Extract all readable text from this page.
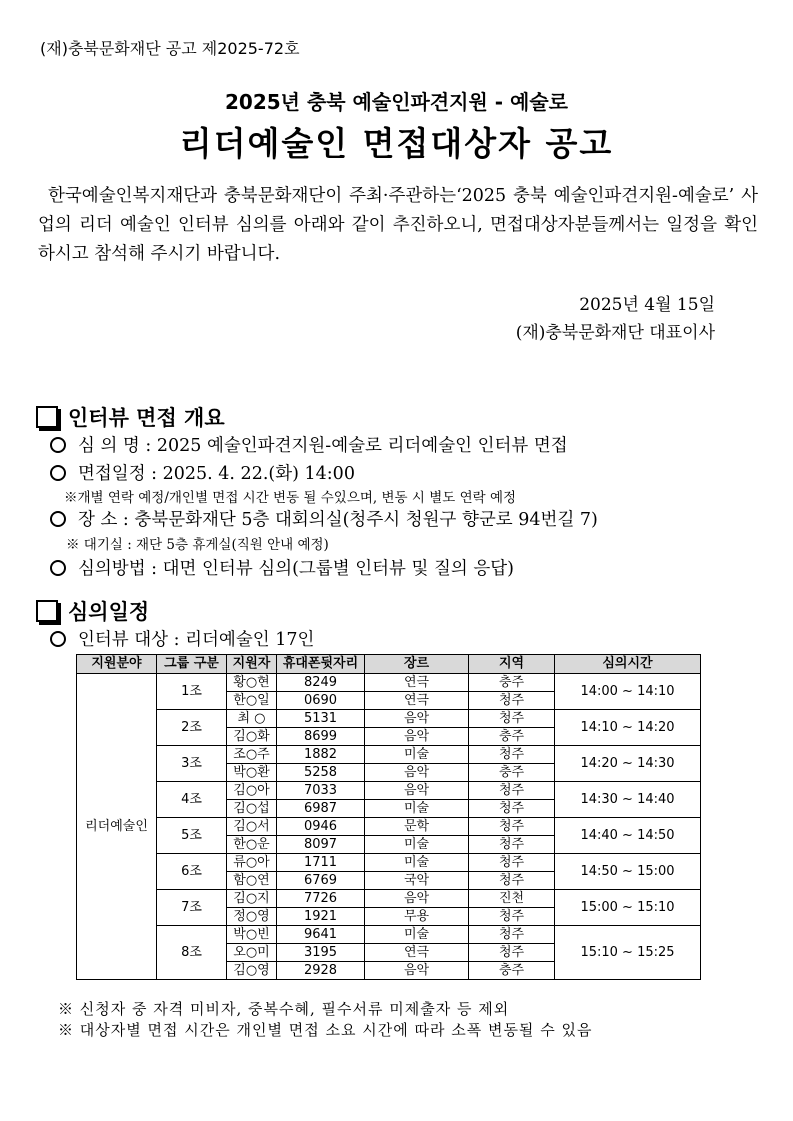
(재)충북문화재단 공고 제2025-72호
2025년 충북 예술인파견지원 - 예술로
리더예술인 면접대상자 공고
한국예술인복지재단과 충북문화재단이 주최·주관하는‘2025 충북 예술인파견지원-예술로’ 사업의 리더 예술인 인터뷰 심의를 아래와 같이 추진하오니, 면접대상자분들께서는 일정을 확인하시고 참석해 주시기 바랍니다.
2025년 4월 15일
(재)충북문화재단 대표이사
인터뷰 면접 개요
심 의 명 : 2025 예술인파견지원-예술로 리더예술인 인터뷰 면접
면접일정 : 2025. 4. 22.(화) 14:00
※개별 연락 예정/개인별 면접 시간 변동 될 수있으며, 변동 시 별도 연락 예정
장 소 : 충북문화재단 5층 대회의실(청주시 청원구 향군로 94번길 7)
※ 대기실 : 재단 5층 휴게실(직원 안내 예정)
심의방법 : 대면 인터뷰 심의(그룹별 인터뷰 및 질의 응답)
심의일정
인터뷰 대상 : 리더예술인 17인
지원분야	그룹 구분	지원자	휴대폰뒷자리	장르	지역	심의시간
리더예술인	1조	황○현	8249	연극	충주	14:00 ~ 14:10
		한○일	0690	연극	청주	
	2조	최 ○	5131	음악	청주	14:10 ~ 14:20
		김○화	8699	음악	충주	
	3조	조○주	1882	미술	청주	14:20 ~ 14:30
		박○환	5258	음악	충주	
	4조	김○아	7033	음악	청주	14:30 ~ 14:40
		김○섭	6987	미술	청주	
	5조	김○서	0946	문학	청주	14:40 ~ 14:50
		한○운	8097	미술	청주	
	6조	류○아	1711	미술	청주	14:50 ~ 15:00
		함○연	6769	국악	청주	
	7조	김○지	7726	음악	진천	15:00 ~ 15:10
		정○영	1921	무용	청주	
	8조	박○빈	9641	미술	청주	15:10 ~ 15:25
		오○미	3195	연극	청주	
		김○영	2928	음악	충주	
※ 신청자 중 자격 미비자, 중복수혜, 필수서류 미제출자 등 제외
※ 대상자별 면접 시간은 개인별 면접 소요 시간에 따라 소폭 변동될 수 있음
